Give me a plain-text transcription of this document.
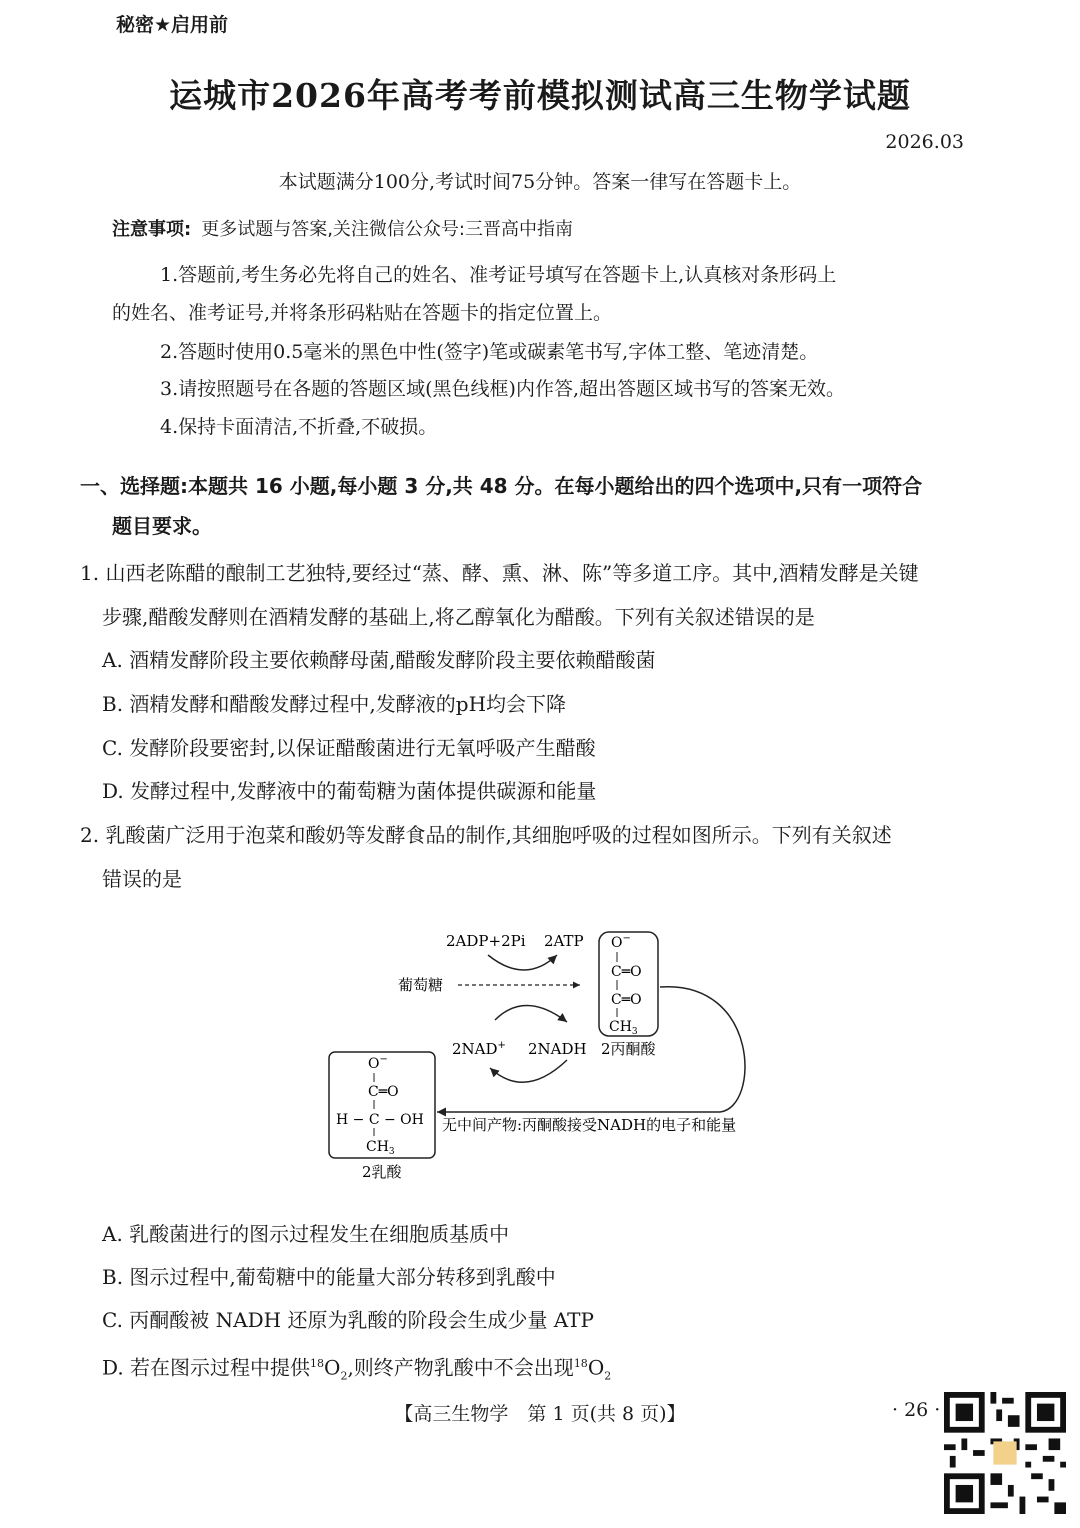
秘密★启用前
运城市2026年高考考前模拟测试高三生物学试题
2026.03
本试题满分100分,考试时间75分钟。答案一律写在答题卡上。
注意事项: 更多试题与答案,关注微信公众号:三晋高中指南
1.答题前,考生务必先将自己的姓名、准考证号填写在答题卡上,认真核对条形码上
的姓名、准考证号,并将条形码粘贴在答题卡的指定位置上。
2.答题时使用0.5毫米的黑色中性(签字)笔或碳素笔书写,字体工整、笔迹清楚。
3.请按照题号在各题的答题区域(黑色线框)内作答,超出答题区域书写的答案无效。
4.保持卡面清洁,不折叠,不破损。
一、选择题:本题共 16 小题,每小题 3 分,共 48 分。在每小题给出的四个选项中,只有一项符合
题目要求。
1. 山西老陈醋的酿制工艺独特,要经过“蒸、酵、熏、淋、陈”等多道工序。其中,酒精发酵是关键
步骤,醋酸发酵则在酒精发酵的基础上,将乙醇氧化为醋酸。下列有关叙述错误的是
A. 酒精发酵阶段主要依赖酵母菌,醋酸发酵阶段主要依赖醋酸菌
B. 酒精发酵和醋酸发酵过程中,发酵液的pH均会下降
C. 发酵阶段要密封,以保证醋酸菌进行无氧呼吸产生醋酸
D. 发酵过程中,发酵液中的葡萄糖为菌体提供碳源和能量
2. 乳酸菌广泛用于泡菜和酸奶等发酵食品的制作,其细胞呼吸的过程如图所示。下列有关叙述
错误的是
2ADP+2Pi 2ATP
葡萄糖
2NAD+ 2NADH 2丙酮酸
O−
C═O
C═O
$CH_3$
无中间产物:丙酮酸接受NADH的电子和能量
O−
C═O
H − C − OH
$CH_3$
2乳酸
A. 乳酸菌进行的图示过程发生在细胞质基质中
B. 图示过程中,葡萄糖中的能量大部分转移到乳酸中
C. 丙酮酸被 NADH 还原为乳酸的阶段会生成少量 ATP
D. 若在图示过程中提供$^{18}O_2$,则终产物乳酸中不会出现$^{18}O_2$
【高三生物学　第 1 页(共 8 页)】	· 26 ·
